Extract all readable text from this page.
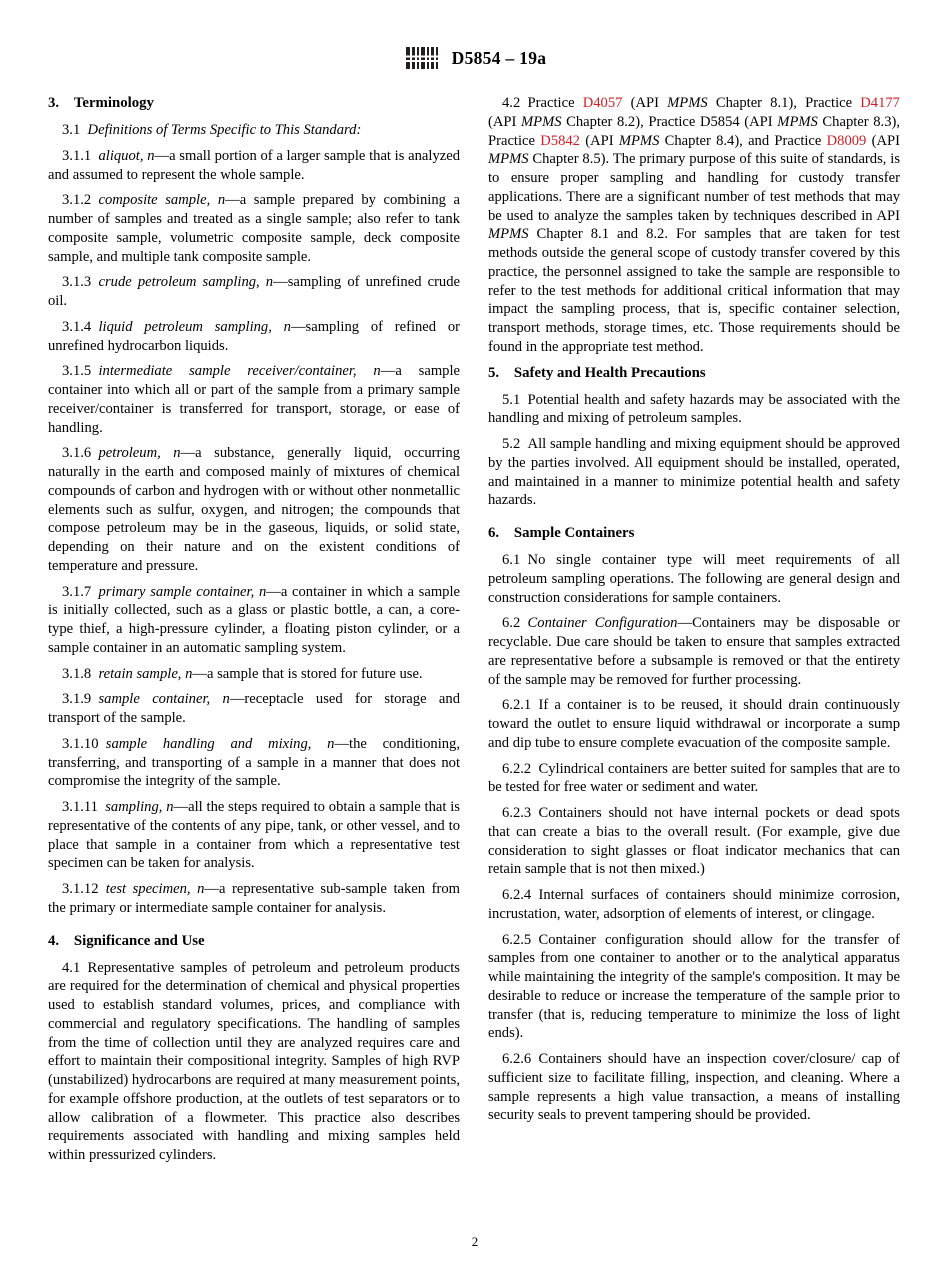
D5854 – 19a

3.   Terminology

3.1  Definitions of Terms Specific to This Standard:

3.1.1  aliquot, n—a small portion of a larger sample that is analyzed and assumed to represent the whole sample.

3.1.2  composite sample, n—a sample prepared by combining a number of samples and treated as a single sample; also refer to tank composite sample, volumetric composite sample, deck composite sample, and multiple tank composite sample.

3.1.3  crude petroleum sampling, n—sampling of unrefined crude oil.

3.1.4  liquid petroleum sampling, n—sampling of refined or unrefined hydrocarbon liquids.

3.1.5  intermediate sample receiver/container, n—a sample container into which all or part of the sample from a primary sample receiver/container is transferred for transport, storage, or ease of handling.

3.1.6  petroleum, n—a substance, generally liquid, occurring naturally in the earth and composed mainly of mixtures of chemical compounds of carbon and hydrogen with or without other nonmetallic elements such as sulfur, oxygen, and nitrogen; the compounds that compose petroleum may be in the gaseous, liquids, or solid state, depending on their nature and on the existent conditions of temperature and pressure.

3.1.7  primary sample container, n—a container in which a sample is initially collected, such as a glass or plastic bottle, a can, a core-type thief, a high-pressure cylinder, a floating piston cylinder, or a sample container in an automatic sampling system.

3.1.8  retain sample, n—a sample that is stored for future use.

3.1.9  sample container, n—receptacle used for storage and transport of the sample.

3.1.10  sample handling and mixing, n—the conditioning, transferring, and transporting of a sample in a manner that does not compromise the integrity of the sample.

3.1.11  sampling, n—all the steps required to obtain a sample that is representative of the contents of any pipe, tank, or other vessel, and to place that sample in a container from which a representative test specimen can be taken for analysis.

3.1.12  test specimen, n—a representative sub-sample taken from the primary or intermediate sample container for analysis.

4.   Significance and Use

4.1  Representative samples of petroleum and petroleum products are required for the determination of chemical and physical properties used to establish standard volumes, prices, and compliance with commercial and regulatory specifications. The handling of samples from the time of collection until they are analyzed requires care and effort to maintain their compositional integrity. Samples of high RVP (unstabilized) hydrocarbons are required at many measurement points, for example offshore production, at the outlets of test separators or to allow calibration of a flowmeter. This practice also describes requirements associated with handling and mixing samples held within pressurized cylinders.

4.2  Practice D4057 (API MPMS Chapter 8.1), Practice D4177 (API MPMS Chapter 8.2), Practice D5854 (API MPMS Chapter 8.3), Practice D5842 (API MPMS Chapter 8.4), and Practice D8009 (API MPMS Chapter 8.5). The primary purpose of this suite of standards, is to ensure proper sampling and handling for custody transfer applications. There are a significant number of test methods that may be used to analyze the samples taken by techniques described in API MPMS Chapter 8.1 and 8.2. For samples that are taken for test methods outside the general scope of custody transfer covered by this practice, the personnel assigned to take the sample are responsible to refer to the test methods for additional critical information that may impact the sampling process, that is, specific container selection, transport methods, storage times, etc. Those requirements should be found in the appropriate test method.

5.   Safety and Health Precautions

5.1  Potential health and safety hazards may be associated with the handling and mixing of petroleum samples.

5.2  All sample handling and mixing equipment should be approved by the parties involved. All equipment should be installed, operated, and maintained in a manner to minimize potential health and safety hazards.

6.   Sample Containers

6.1  No single container type will meet requirements of all petroleum sampling operations. The following are general design and construction considerations for sample containers.

6.2  Container Configuration—Containers may be disposable or recyclable. Due care should be taken to ensure that samples extracted are representative before a subsample is removed or that the entirety of the sample may be removed for further processing.

6.2.1  If a container is to be reused, it should drain continuously toward the outlet to ensure liquid withdrawal or incorporate a sump and dip tube to ensure complete evacuation of the composite sample.

6.2.2  Cylindrical containers are better suited for samples that are to be tested for free water or sediment and water.

6.2.3  Containers should not have internal pockets or dead spots that can create a bias to the overall result. (For example, give due consideration to sight glasses or float indicator mechanics that can retain sample that is not then mixed.)

6.2.4  Internal surfaces of containers should minimize corrosion, incrustation, water, adsorption of elements of interest, or clingage.

6.2.5  Container configuration should allow for the transfer of samples from one container to another or to the analytical apparatus while maintaining the integrity of the sample's composition. It may be desirable to reduce or increase the temperature of the sample prior to transfer (that is, reducing temperature to minimize the loss of light ends).

6.2.6  Containers should have an inspection cover/closure/ cap of sufficient size to facilitate filling, inspection, and cleaning. Where a sample represents a high value transaction, a means of installing security seals to prevent tampering should be provided.

2
